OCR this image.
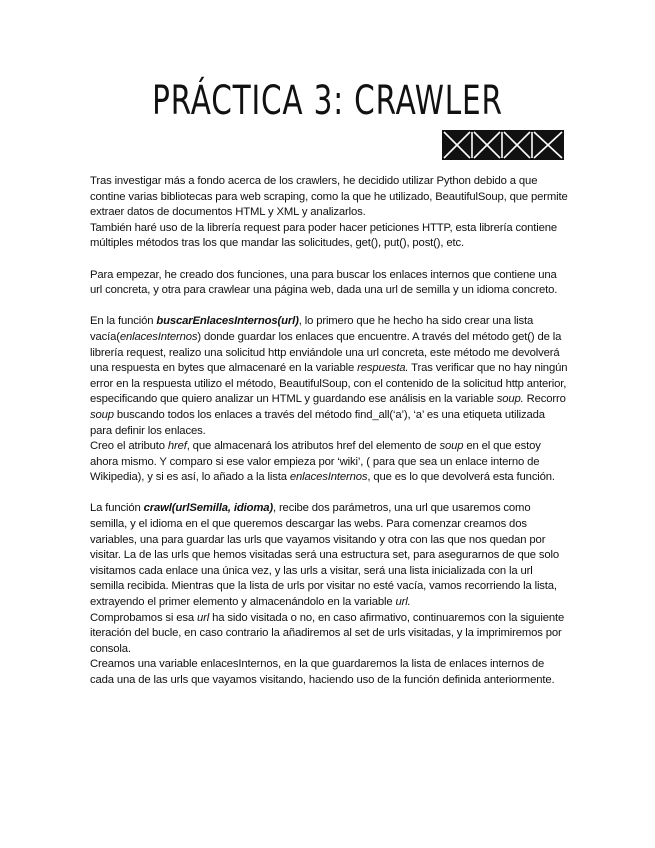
PRÁCTICA 3: CRAWLER

Tras investigar más a fondo acerca de los crawlers, he decidido utilizar Python debido a que contine varias bibliotecas para web scraping, como la que he utilizado, BeautifulSoup, que permite extraer datos de documentos HTML y XML y analizarlos.
También haré uso de la librería request para poder hacer peticiones HTTP, esta librería contiene múltiples métodos tras los que mandar las solicitudes, get(), put(), post(), etc.

Para empezar, he creado dos funciones, una para buscar los enlaces internos que contiene una url concreta, y otra para crawlear una página web, dada una url de semilla y un idioma concreto.

En la función buscarEnlacesInternos(url), lo primero que he hecho ha sido crear una lista vacía(enlacesInternos) donde guardar los enlaces que encuentre. A través del método get() de la librería request, realizo una solicitud http enviándole una url concreta, este método me devolverá una respuesta en bytes que almacenaré en la variable respuesta. Tras verificar que no hay ningún error en la respuesta utilizo el método, BeautifulSoup, con el contenido de la solicitud http anterior, especificando que quiero analizar un HTML y guardando ese análisis en la variable soup. Recorro soup buscando todos los enlaces a través del método find_all(‘a’), ‘a’ es una etiqueta utilizada para definir los enlaces.
Creo el atributo href, que almacenará los atributos href del elemento de soup en el que estoy ahora mismo. Y comparo si ese valor empieza por ‘wiki’, ( para que sea un enlace interno de Wikipedia), y si es así, lo añado a la lista enlacesInternos, que es lo que devolverá esta función.

La función crawl(urlSemilla, idioma), recibe dos parámetros, una url que usaremos como semilla, y el idioma en el que queremos descargar las webs. Para comenzar creamos dos variables, una para guardar las urls que vayamos visitando y otra con las que nos quedan por visitar. La de las urls que hemos visitadas será una estructura set, para asegurarnos de que solo visitamos cada enlace una única vez, y las urls a visitar, será una lista inicializada con la url semilla recibida. Mientras que la lista de urls por visitar no esté vacía, vamos recorriendo la lista, extrayendo el primer elemento y almacenándolo en la variable url.
Comprobamos si esa url ha sido visitada o no, en caso afirmativo, continuaremos con la siguiente iteración del bucle, en caso contrario la añadiremos al set de urls visitadas, y la imprimiremos por consola.
Creamos una variable enlacesInternos, en la que guardaremos la lista de enlaces internos de cada una de las urls que vayamos visitando, haciendo uso de la función definida anteriormente.
